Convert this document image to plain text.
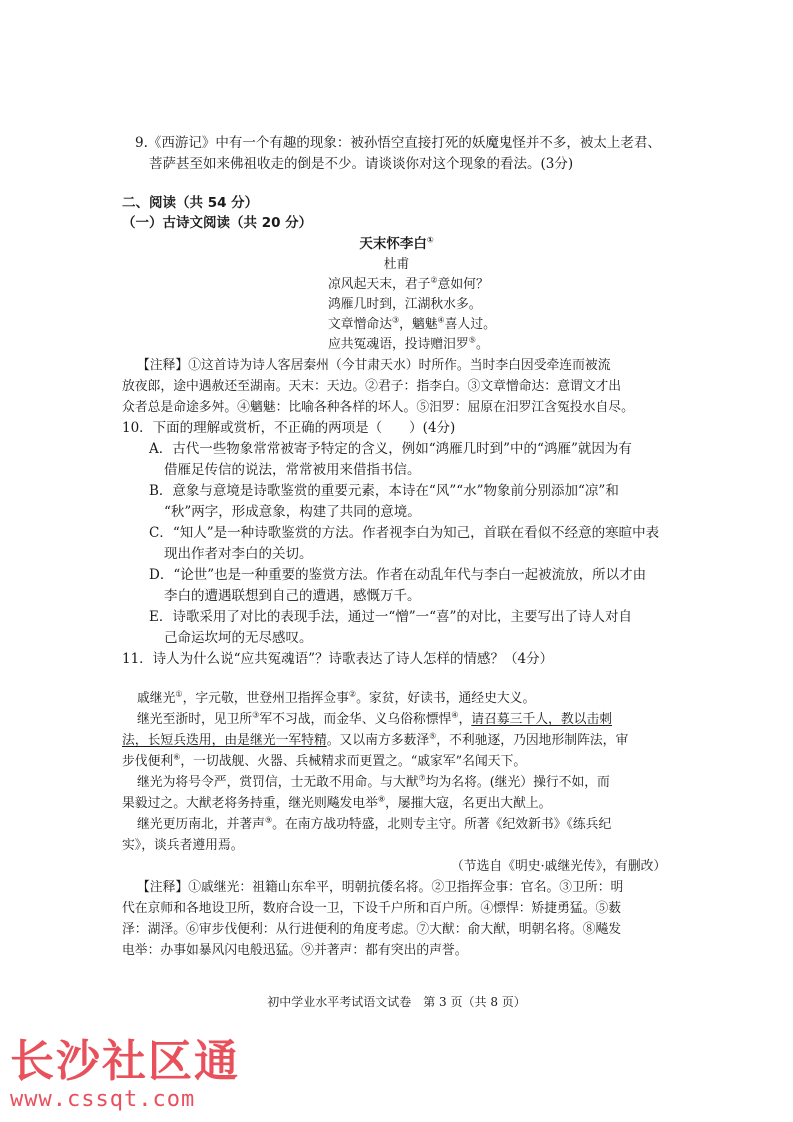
9.《西游记》中有一个有趣的现象：被孙悟空直接打死的妖魔鬼怪并不多，被太上老君、
菩萨甚至如来佛祖收走的倒是不少。请谈谈你对这个现象的看法。(3分)
二、阅读（共 54 分）
（一）古诗文阅读（共 20 分）
天末怀李白①
杜甫
凉风起天末，君子②意如何？
鸿雁几时到，江湖秋水多。
文章憎命达③，魑魅④喜人过。
应共冤魂语，投诗赠汨罗⑤。
【注释】①这首诗为诗人客居秦州（今甘肃天水）时所作。当时李白因受牵连而被流
放夜郎，途中遇赦还至湖南。天末：天边。②君子：指李白。③文章憎命达：意谓文才出
众者总是命途多舛。④魑魅：比喻各种各样的坏人。⑤汨罗：屈原在汨罗江含冤投水自尽。
10．下面的理解或赏析，不正确的两项是（　　）(4分)
A．古代一些物象常常被寄予特定的含义，例如“鸿雁几时到”中的“鸿雁”就因为有
借雁足传信的说法，常常被用来借指书信。
B．意象与意境是诗歌鉴赏的重要元素，本诗在“风”“水”物象前分别添加“凉”和
“秋”两字，形成意象，构建了共同的意境。
C．“知人”是一种诗歌鉴赏的方法。作者视李白为知己，首联在看似不经意的寒暄中表
现出作者对李白的关切。
D．“论世”也是一种重要的鉴赏方法。作者在动乱年代与李白一起被流放，所以才由
李白的遭遇联想到自己的遭遇，感慨万千。
E．诗歌采用了对比的表现手法，通过一“憎”一“喜”的对比，主要写出了诗人对自
己命运坎坷的无尽感叹。
11．诗人为什么说“应共冤魂语”？诗歌表达了诗人怎样的情感？（4分）
戚继光①，字元敬，世登州卫指挥佥事②。家贫，好读书，通经史大义。
继光至浙时，见卫所③军不习战，而金华、义乌俗称慓悍④，请召募三千人，教以击刺
法，长短兵迭用，由是继光一军特精。又以南方多薮泽⑤，不利驰逐，乃因地形制阵法，审
步伐便利⑥，一切战舰、火器、兵械精求而更置之。“戚家军”名闻天下。
继光为将号令严，赏罚信，士无敢不用命。与大猷⑦均为名将。(继光）操行不如，而
果毅过之。大猷老将务持重，继光则飚发电举⑧，屡摧大寇，名更出大猷上。
继光更历南北，并著声⑨。在南方战功特盛，北则专主守。所著《纪效新书》《练兵纪
实》，谈兵者遵用焉。
（节选自《明史·戚继光传》，有删改）
【注释】①戚继光：祖籍山东牟平，明朝抗倭名将。②卫指挥佥事：官名。③卫所：明
代在京师和各地设卫所，数府合设一卫，下设千户所和百户所。④慓悍：矫捷勇猛。⑤薮
泽：湖泽。⑥审步伐便利：从行进便利的角度考虑。⑦大猷：俞大猷，明朝名将。⑧飚发
电举：办事如暴风闪电般迅猛。⑨并著声：都有突出的声誉。
初中学业水平考试语文试卷　第 3 页（共 8 页）
长沙社区通
www.cssqt.com
